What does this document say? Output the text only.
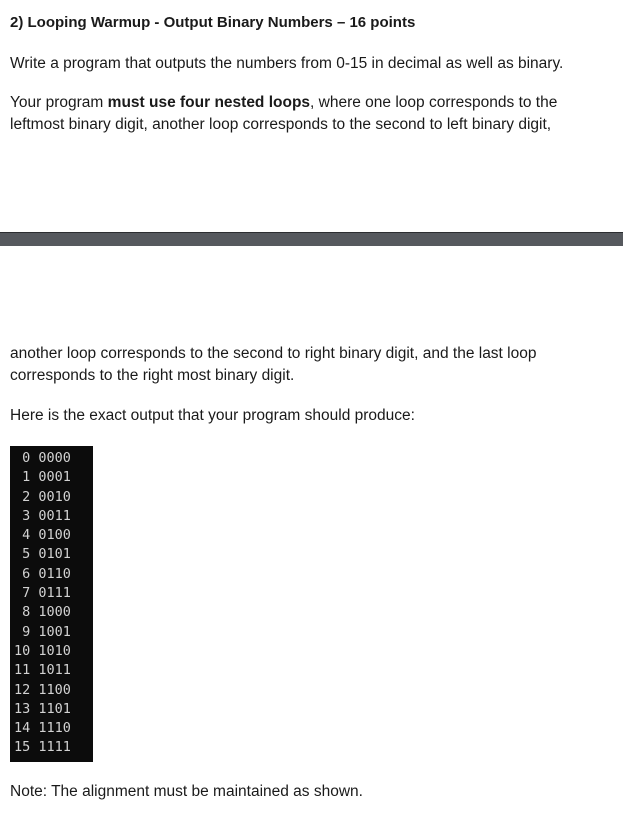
2) Looping Warmup - Output Binary Numbers – 16 points
Write a program that outputs the numbers from 0-15 in decimal as well as binary.
Your program must use four nested loops, where one loop corresponds to the leftmost binary digit, another loop corresponds to the second to left binary digit,
another loop corresponds to the second to right binary digit, and the last loop corresponds to the right most binary digit.
Here is the exact output that your program should produce:
0 0000
1 0001
2 0010
3 0011
4 0100
5 0101
6 0110
7 0111
8 1000
9 1001
10 1010
11 1011
12 1100
13 1101
14 1110
15 1111
Note: The alignment must be maintained as shown.
